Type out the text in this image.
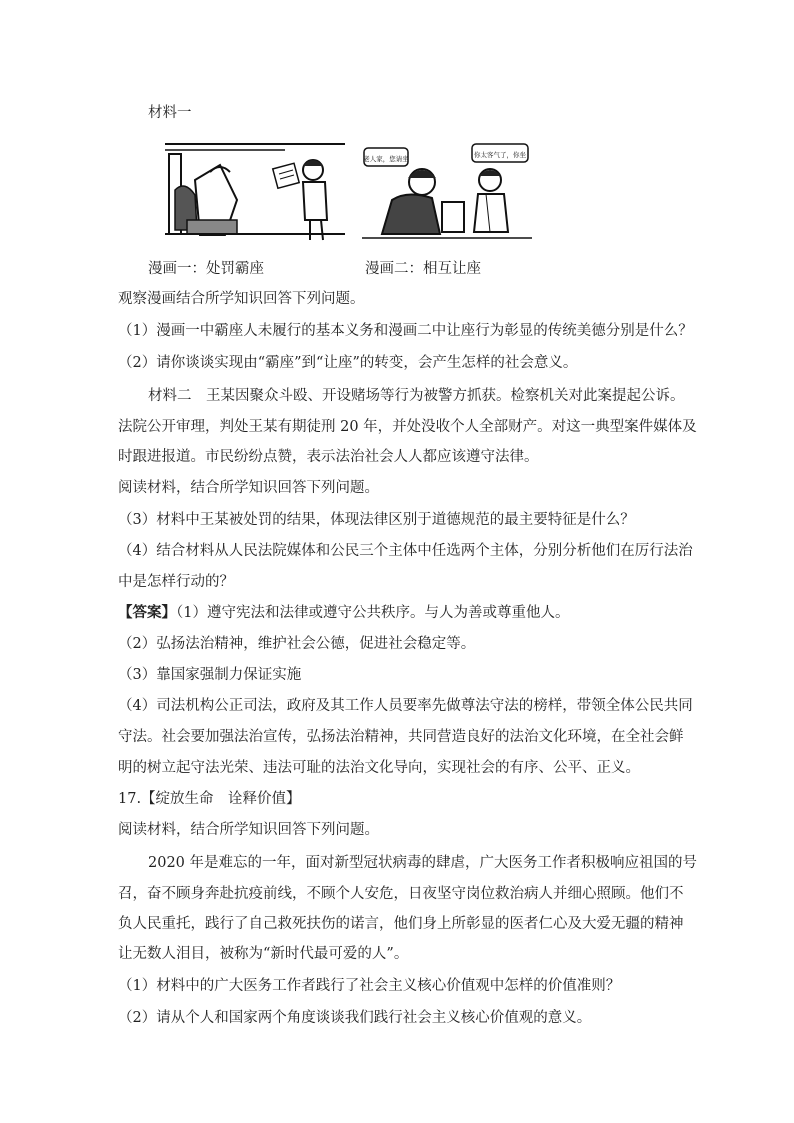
材料一
老人家，您请坐	你太客气了，你坐
漫画一：处罚霸座	漫画二：相互让座
观察漫画结合所学知识回答下列问题。
（1）漫画一中霸座人未履行的基本义务和漫画二中让座行为彰显的传统美德分别是什么？
（2）请你谈谈实现由“霸座”到“让座”的转变，会产生怎样的社会意义。
材料二　王某因聚众斗殴、开设赌场等行为被警方抓获。检察机关对此案提起公诉。
法院公开审理，判处王某有期徒刑 20 年，并处没收个人全部财产。对这一典型案件媒体及
时跟进报道。市民纷纷点赞，表示法治社会人人都应该遵守法律。
阅读材料，结合所学知识回答下列问题。
（3）材料中王某被处罚的结果，体现法律区别于道德规范的最主要特征是什么？
（4）结合材料从人民法院媒体和公民三个主体中任选两个主体，分别分析他们在厉行法治
中是怎样行动的？
【答案】（1）遵守宪法和法律或遵守公共秩序。与人为善或尊重他人。
（2）弘扬法治精神，维护社会公德，促进社会稳定等。
（3）靠国家强制力保证实施
（4）司法机构公正司法，政府及其工作人员要率先做尊法守法的榜样，带领全体公民共同
守法。社会要加强法治宣传，弘扬法治精神，共同营造良好的法治文化环境，在全社会鲜
明的树立起守法光荣、违法可耻的法治文化导向，实现社会的有序、公平、正义。
17.【绽放生命　诠释价值】
阅读材料，结合所学知识回答下列问题。
2020 年是难忘的一年，面对新型冠状病毒的肆虐，广大医务工作者积极响应祖国的号
召，奋不顾身奔赴抗疫前线，不顾个人安危，日夜坚守岗位救治病人并细心照顾。他们不
负人民重托，践行了自己救死扶伤的诺言，他们身上所彰显的医者仁心及大爱无疆的精神
让无数人泪目，被称为“新时代最可爱的人”。
（1）材料中的广大医务工作者践行了社会主义核心价值观中怎样的价值准则？
（2）请从个人和国家两个角度谈谈我们践行社会主义核心价值观的意义。
